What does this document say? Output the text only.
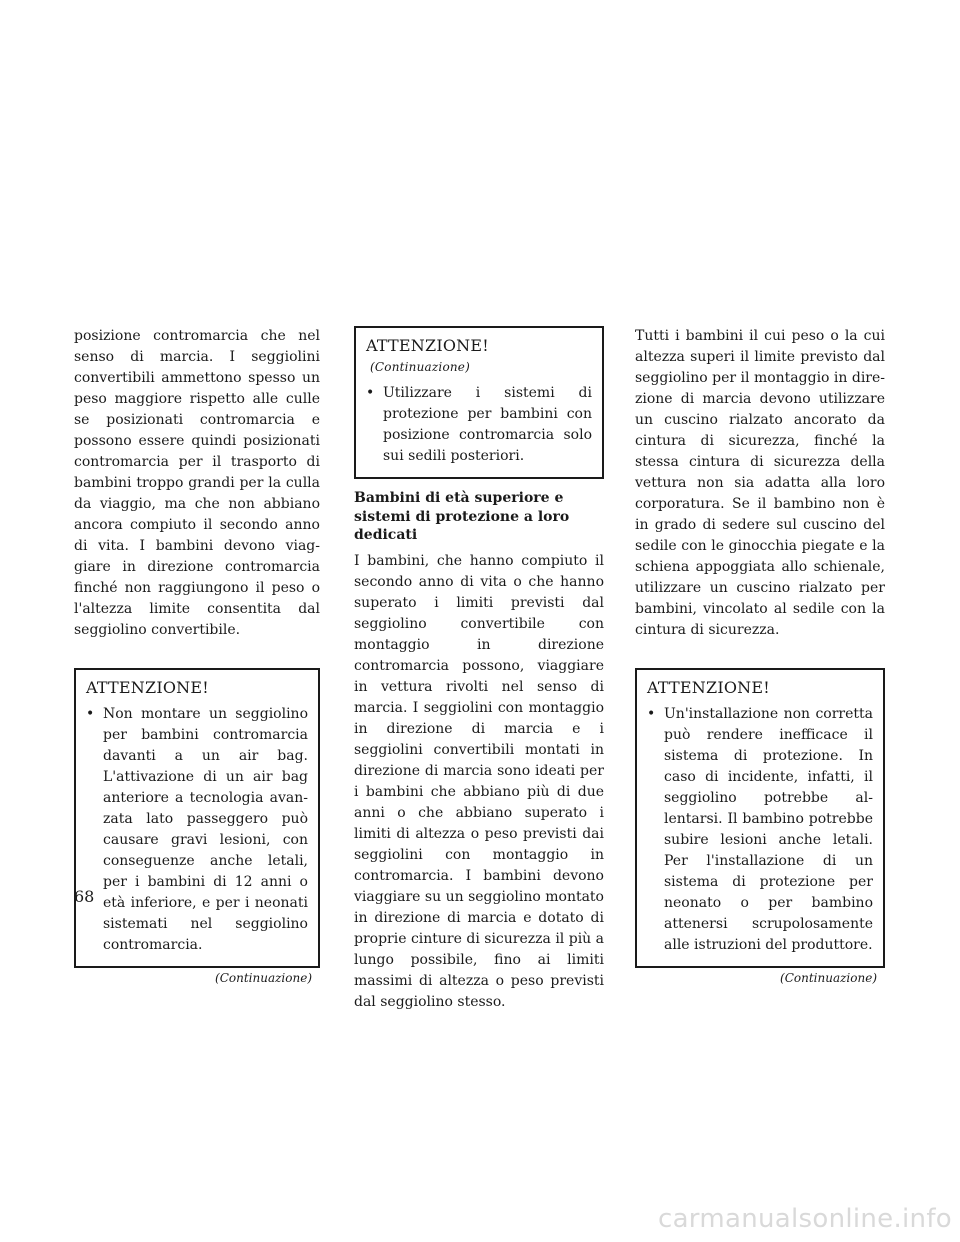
posizione contromarcia che nel senso di marcia. I seggiolini convertibili ammettono spesso un peso maggiore rispetto alle culle se posizionati contromarcia e possono essere quindi posizionati contromarcia per il trasporto di bambini troppo grandi per la culla da viaggio, ma che non abbiano ancora compiuto il secondo anno di vita. I bambini devono viaggiare in direzione contromarcia finché non raggiungono il peso o l'altezza limite consentita dal seggiolino convertibile.

ATTENZIONE!
• Non montare un seggiolino per bambini contromarcia davanti a un air bag. L'attivazione di un air bag anteriore a tecnologia avanzata lato passeggero può causare gravi lesioni, con conseguenze anche letali, per i bambini di 12 anni o età inferiore, e per i neonati sistemati nel seggiolino contromarcia.
(Continuazione)
ATTENZIONE!(Continuazione)
• Utilizzare i sistemi di protezione per bambini con posizione contromarcia solo sui sedili posteriori.
Bambini di età superiore e sistemi di protezione a loro dedicati

I bambini, che hanno compiuto il secondo anno di vita o che hanno superato i limiti previsti dal seggiolino convertibile con montaggio in direzione contromarcia possono, viaggiare in vettura rivolti nel senso di marcia. I seggiolini con montaggio in direzione di marcia e i seggiolini convertibili montati in direzione di marcia sono ideati per i bambini che abbiano più di due anni o che abbiano superato i limiti di altezza o peso previsti dai seggiolini con montaggio in contromarcia. I bambini devono viaggiare su un seggiolino montato in direzione di marcia e dotato di proprie cinture di sicurezza il più a lungo possibile, fino ai limiti massimi di altezza o peso previsti dal seggiolino stesso.

Tutti i bambini il cui peso o la cui altezza superi il limite previsto dal seggiolino per il montaggio in direzione di marcia devono utilizzare un cuscino rialzato ancorato da cintura di sicurezza, finché la stessa cintura di sicurezza della vettura non sia adatta alla loro corporatura. Se il bambino non è in grado di sedere sul cuscino del sedile con le ginocchia piegate e la schiena appoggiata allo schienale, utilizzare un cuscino rialzato per bambini, vincolato al sedile con la cintura di sicurezza.

ATTENZIONE!
• Un'installazione non corretta può rendere inefficace il sistema di protezione. In caso di incidente, infatti, il seggiolino potrebbe allentarsi. Il bambino potrebbe subire lesioni anche letali. Per l'installazione di un sistema di protezione per neonato o per bambino attenersi scrupolosamente alle istruzioni del produttore.
(Continuazione)
68
carmanualsonline.info
